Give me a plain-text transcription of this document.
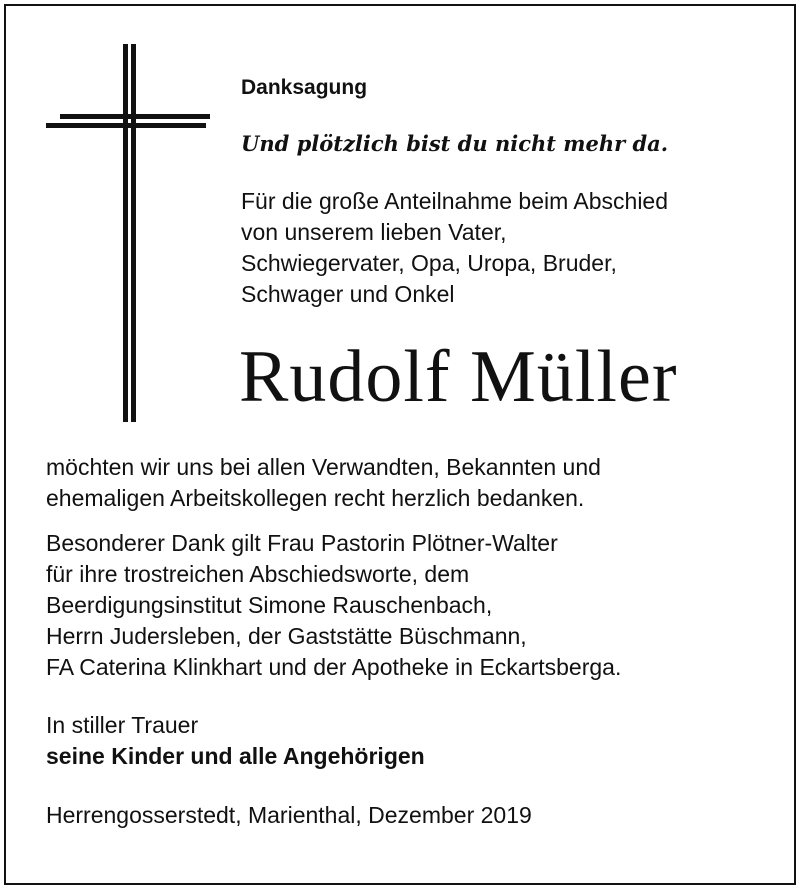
Danksagung
Und plötzlich bist du nicht mehr da.
Für die große Anteilnahme beim Abschied
von unserem lieben Vater,
Schwiegervater, Opa, Uropa, Bruder,
Schwager und Onkel
Rudolf Müller
möchten wir uns bei allen Verwandten, Bekannten und
ehemaligen Arbeitskollegen recht herzlich bedanken.
Besonderer Dank gilt Frau Pastorin Plötner-Walter
für ihre trostreichen Abschiedsworte, dem
Beerdigungsinstitut Simone Rauschenbach,
Herrn Judersleben, der Gaststätte Büschmann,
FA Caterina Klinkhart und der Apotheke in Eckartsberga.
In stiller Trauer
seine Kinder und alle Angehörigen
Herrengosserstedt, Marienthal, Dezember 2019
